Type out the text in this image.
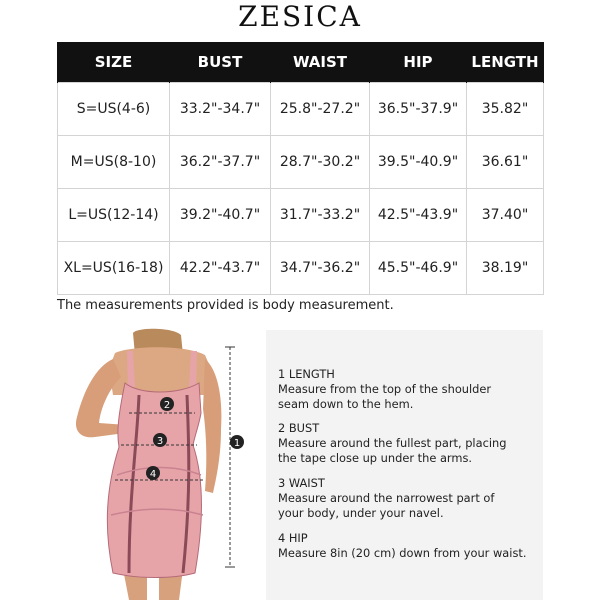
ZESICA
SIZE	BUST	WAIST	HIP	LENGTH
S=US(4-6)	33.2"-34.7"	25.8"-27.2"	36.5"-37.9"	35.82"
M=US(8-10)	36.2"-37.7"	28.7"-30.2"	39.5"-40.9"	36.61"
L=US(12-14)	39.2"-40.7"	31.7"-33.2"	42.5"-43.9"	37.40"
XL=US(16-18)	42.2"-43.7"	34.7"-36.2"	45.5"-46.9"	38.19"
The measurements provided is body measurement.
1
2
3
4
1 LENGTH
Measure from the top of the shoulder
seam down to the hem.
2 BUST
Measure around the fullest part, placing
the tape close up under the arms.
3 WAIST
Measure around the narrowest part of
your body, under your navel.
4 HIP
Measure 8in (20 cm) down from your waist.
